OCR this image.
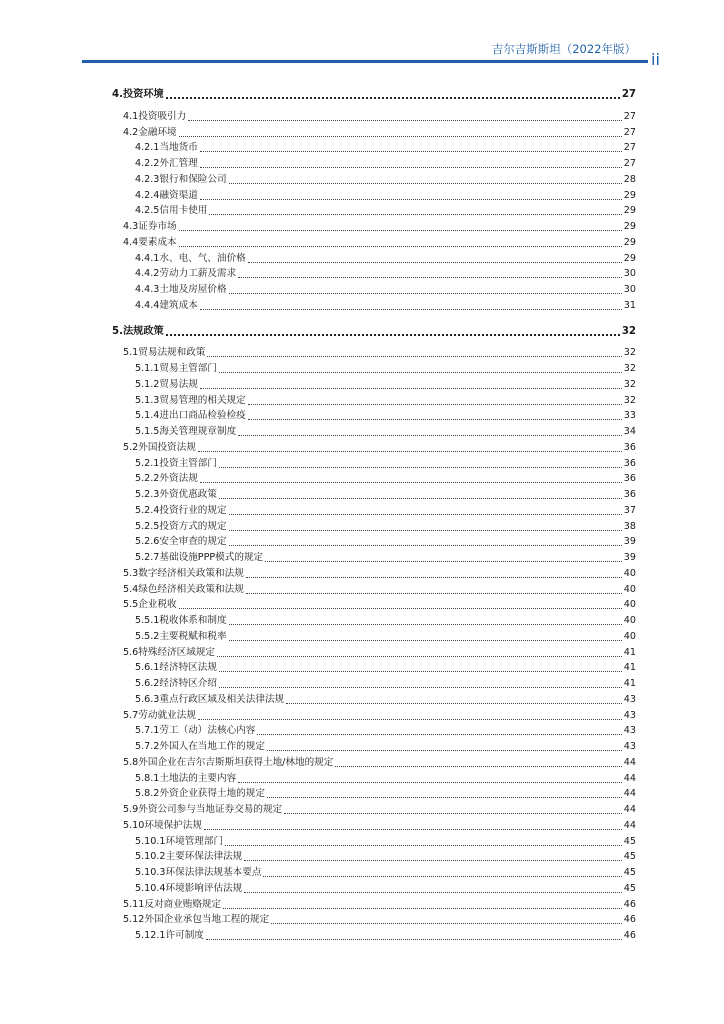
吉尔吉斯斯坦（2022年版）
ii
4. 投资环境	27
4.1 投资吸引力	27
4.2 金融环境	27
4.2.1 当地货币	27
4.2.2 外汇管理	27
4.2.3 银行和保险公司	28
4.2.4 融资渠道	29
4.2.5 信用卡使用	29
4.3 证券市场	29
4.4 要素成本	29
4.4.1 水、电、气、油价格	29
4.4.2 劳动力工薪及需求	30
4.4.3 土地及房屋价格	30
4.4.4 建筑成本	31
5. 法规政策	32
5.1 贸易法规和政策	32
5.1.1 贸易主管部门	32
5.1.2 贸易法规	32
5.1.3 贸易管理的相关规定	32
5.1.4 进出口商品检验检疫	33
5.1.5 海关管理规章制度	34
5.2 外国投资法规	36
5.2.1 投资主管部门	36
5.2.2 外资法规	36
5.2.3 外资优惠政策	36
5.2.4 投资行业的规定	37
5.2.5 投资方式的规定	38
5.2.6 安全审查的规定	39
5.2.7 基础设施PPP模式的规定	39
5.3 数字经济相关政策和法规	40
5.4 绿色经济相关政策和法规	40
5.5 企业税收	40
5.5.1 税收体系和制度	40
5.5.2 主要税赋和税率	40
5.6 特殊经济区域规定	41
5.6.1 经济特区法规	41
5.6.2 经济特区介绍	41
5.6.3 重点行政区域及相关法律法规	43
5.7 劳动就业法规	43
5.7.1 劳工（动）法核心内容	43
5.7.2 外国人在当地工作的规定	43
5.8 外国企业在吉尔吉斯斯坦获得土地/林地的规定	44
5.8.1 土地法的主要内容	44
5.8.2 外资企业获得土地的规定	44
5.9 外资公司参与当地证券交易的规定	44
5.10 环境保护法规	44
5.10.1 环境管理部门	45
5.10.2 主要环保法律法规	45
5.10.3 环保法律法规基本要点	45
5.10.4 环境影响评估法规	45
5.11 反对商业贿赂规定	46
5.12 外国企业承包当地工程的规定	46
5.12.1 许可制度	46
